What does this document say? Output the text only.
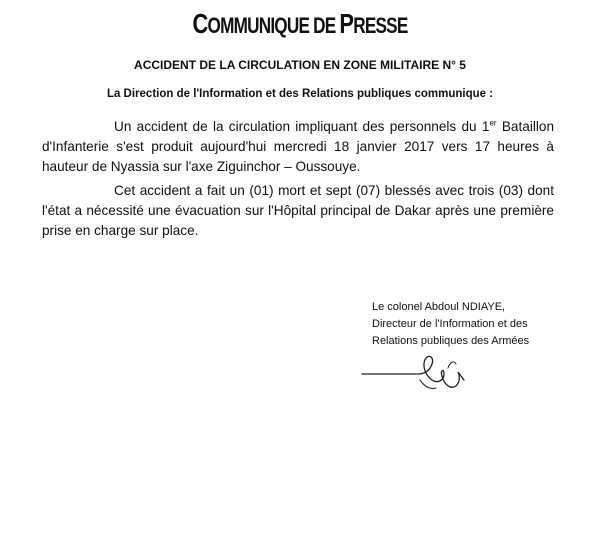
COMMUNIQUE DE PRESSE
ACCIDENT DE LA CIRCULATION EN ZONE MILITAIRE N° 5
La Direction de l'Information et des Relations publiques communique :
Un accident de la circulation impliquant des personnels du 1er Bataillon d'Infanterie s'est produit aujourd'hui mercredi 18 janvier 2017 vers 17 heures à hauteur de Nyassia sur l'axe Ziguinchor – Oussouye.
Cet accident a fait un (01) mort et sept (07) blessés avec trois (03) dont l'état a nécessité une évacuation sur l'Hôpital principal de Dakar après une première prise en charge sur place.
Le colonel Abdoul NDIAYE,
Directeur de l'Information et des
Relations publiques des Armées
